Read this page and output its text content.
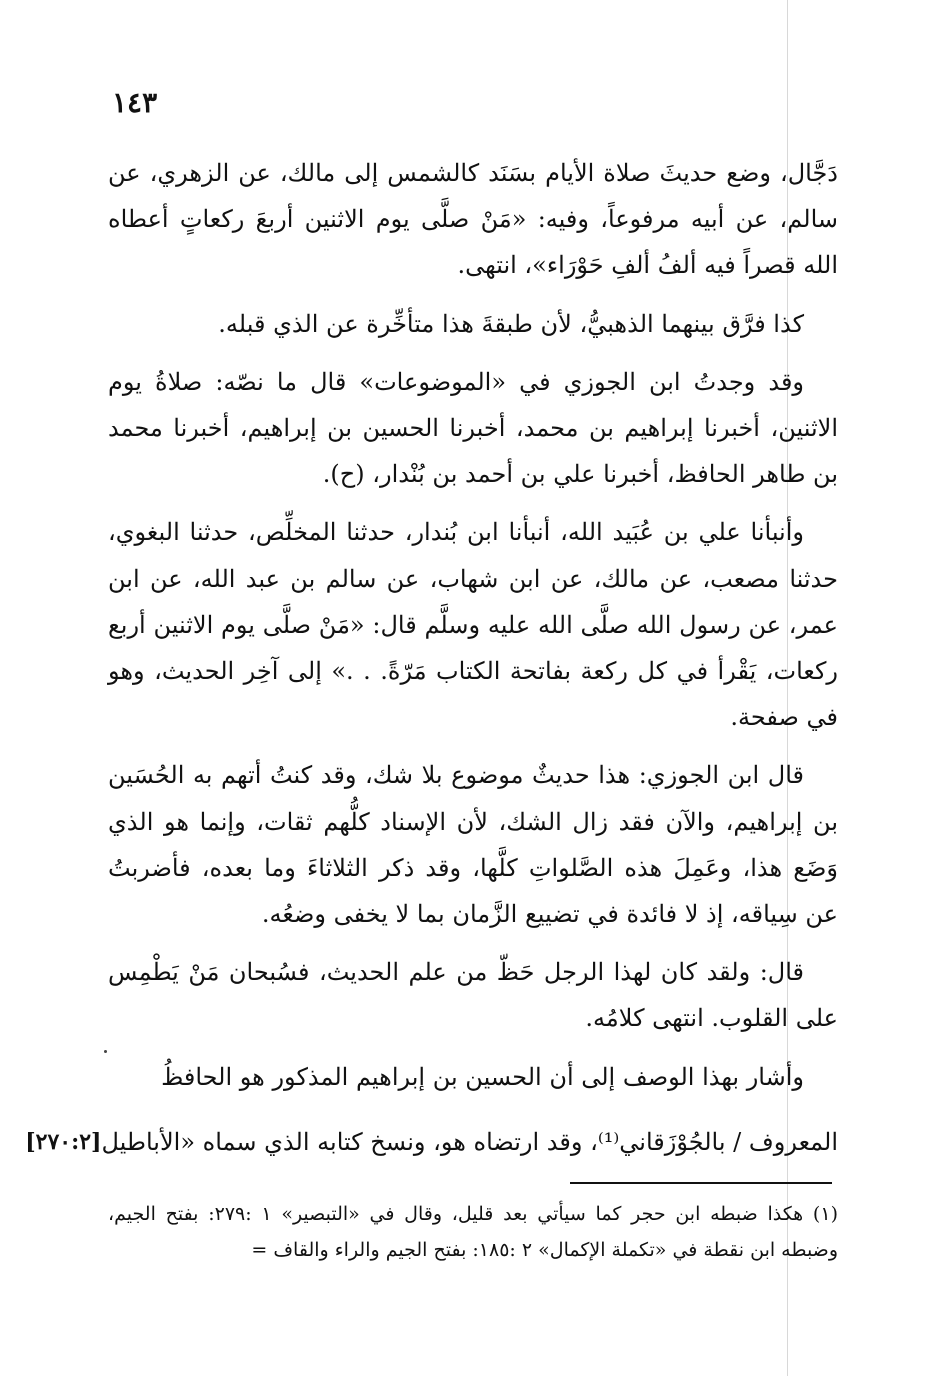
١٤٣

دَجَّال، وضع حديثَ صلاة الأيام بسَنَد كالشمس إلى مالك، عن الزهري، عن سالم، عن أبيه مرفوعاً، وفيه: «مَنْ صلَّى يوم الاثنين أربعَ ركعاتٍ أعطاه الله قصراً فيه ألفُ ألفِ حَوْرَاء»، انتهى.

كذا فرَّق بينهما الذهبيُّ، لأن طبقةَ هذا متأخِّرة عن الذي قبله.

وقد وجدتُ ابن الجوزي في «الموضوعات» قال ما نصّه: صلاةُ يوم الاثنين، أخبرنا إبراهيم بن محمد، أخبرنا الحسين بن إبراهيم، أخبرنا محمد بن طاهر الحافظ، أخبرنا علي بن أحمد بن بُنْدار، (ح).

وأنبأنا علي بن عُبَيد الله، أنبأنا ابن بُندار، حدثنا المخلِّص، حدثنا البغوي، حدثنا مصعب، عن مالك، عن ابن شهاب، عن سالم بن عبد الله، عن ابن عمر، عن رسول الله صلَّى الله عليه وسلَّم قال: «مَنْ صلَّى يوم الاثنين أربع ركعات، يَقْرأ في كل ركعة بفاتحة الكتاب مَرّةً. . .» إلى آخِر الحديث، وهو في صفحة.

قال ابن الجوزي: هذا حديثٌ موضوع بلا شك، وقد كنتُ أتهم به الحُسَين بن إبراهيم، والآن فقد زال الشك، لأن الإسناد كلُّهم ثقات، وإنما هو الذي وَضَع هذا، وعَمِلَ هذه الصَّلواتِ كلَّها، وقد ذكر الثلاثاءَ وما بعده، فأضربتُ عن سِياقه، إذ لا فائدة في تضييع الزَّمان بما لا يخفى وضعُه.

قال: ولقد كان لهذا الرجل حَظّ من علم الحديث، فسُبحان مَنْ يَطْمِس على القلوب. انتهى كلامُه.

وأشار بهذا الوصف إلى أن الحسين بن إبراهيم المذكور هو الحافظُ

المعروف / بالجُوْزَقاني⁽¹⁾، وقد ارتضاه هو، ونسخ كتابه الذي سماه «الأباطيل
[٢٧٠:٢]

(١) هكذا ضبطه ابن حجر كما سيأتي بعد قليل، وقال في «التبصير» ١ :٢٧٩: بفتح الجيم، وضبطه ابن نقطة في «تكملة الإكمال» ٢ :١٨٥: بفتح الجيم والراء والقاف =
